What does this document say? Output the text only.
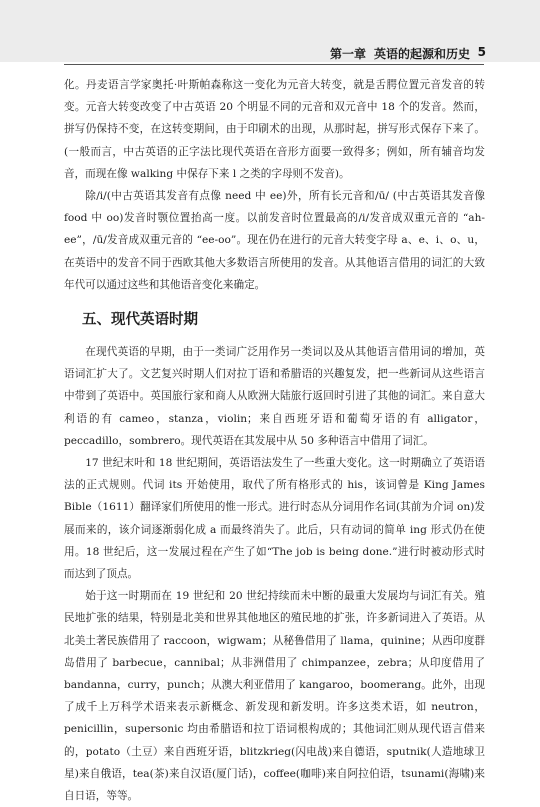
第一章 英语的起源和历史 5

化。丹麦语言学家奥托·叶斯帕森称这一变化为元音大转变，就是舌腭位置元音发音的转变。元音大转变改变了中古英语 20 个明显不同的元音和双元音中 18 个的发音。然而，拼写仍保持不变，在这转变期间，由于印刷术的出现，从那时起，拼写形式保存下来了。(一般而言，中古英语的正字法比现代英语在音形方面要一致得多；例如，所有辅音均发音，而现在像 walking 中保存下来 l 之类的字母则不发音)。

除/i/(中古英语其发音有点像 need 中 ee)外，所有长元音和/ū/ (中古英语其发音像 food 中 oo)发音时颚位置抬高一度。以前发音时位置最高的/i/发音成双重元音的 “ah-ee”，/ū/发音成双重元音的 “ee-oo”。现在仍在进行的元音大转变字母 a、e、i、o、u，在英语中的发音不同于西欧其他大多数语言所使用的发音。从其他语言借用的词汇的大致年代可以通过这些和其他语音变化来确定。

五、现代英语时期

在现代英语的早期，由于一类词广泛用作另一类词以及从其他语言借用词的增加，英语词汇扩大了。文艺复兴时期人们对拉丁语和希腊语的兴趣复发，把一些新词从这些语言中带到了英语中。英国旅行家和商人从欧洲大陆旅行返回时引进了其他的词汇。来自意大利语的有 cameo，stanza，violin；来自西班牙语和葡萄牙语的有 alligator，peccadillo，sombrero。现代英语在其发展中从 50 多种语言中借用了词汇。

17 世纪末叶和 18 世纪期间，英语语法发生了一些重大变化。这一时期确立了英语语法的正式规则。代词 its 开始使用，取代了所有格形式的 his，该词曾是 King James Bible（1611）翻译家们所使用的惟一形式。进行时态从分词用作名词(其前为介词 on)发展而来的，该介词逐渐弱化成 a 而最终消失了。此后，只有动词的简单 ing 形式仍在使用。18 世纪后，这一发展过程在产生了如“The job is being done.”进行时被动形式时而达到了顶点。

始于这一时期而在 19 世纪和 20 世纪持续而未中断的最重大发展均与词汇有关。殖民地扩张的结果，特别是北美和世界其他地区的殖民地的扩张，许多新词进入了英语。从北美土著民族借用了 raccoon，wigwam；从秘鲁借用了 llama，quinine；从西印度群岛借用了 barbecue，cannibal；从非洲借用了 chimpanzee，zebra；从印度借用了 bandanna，curry，punch；从澳大利亚借用了 kangaroo，boomerang。此外，出现了成千上万科学术语来表示新概念、新发现和新发明。许多这类术语，如 neutron，penicillin，supersonic 均由希腊语和拉丁语词根构成的；其他词汇则从现代语言借来的，potato（土豆）来自西班牙语，blitzkrieg(闪电战)来自德语，sputnik(人造地球卫星)来自俄语，tea(茶)来自汉语(厦门话)，coffee(咖啡)来自阿拉伯语，tsunami(海啸)来自日语，等等。
